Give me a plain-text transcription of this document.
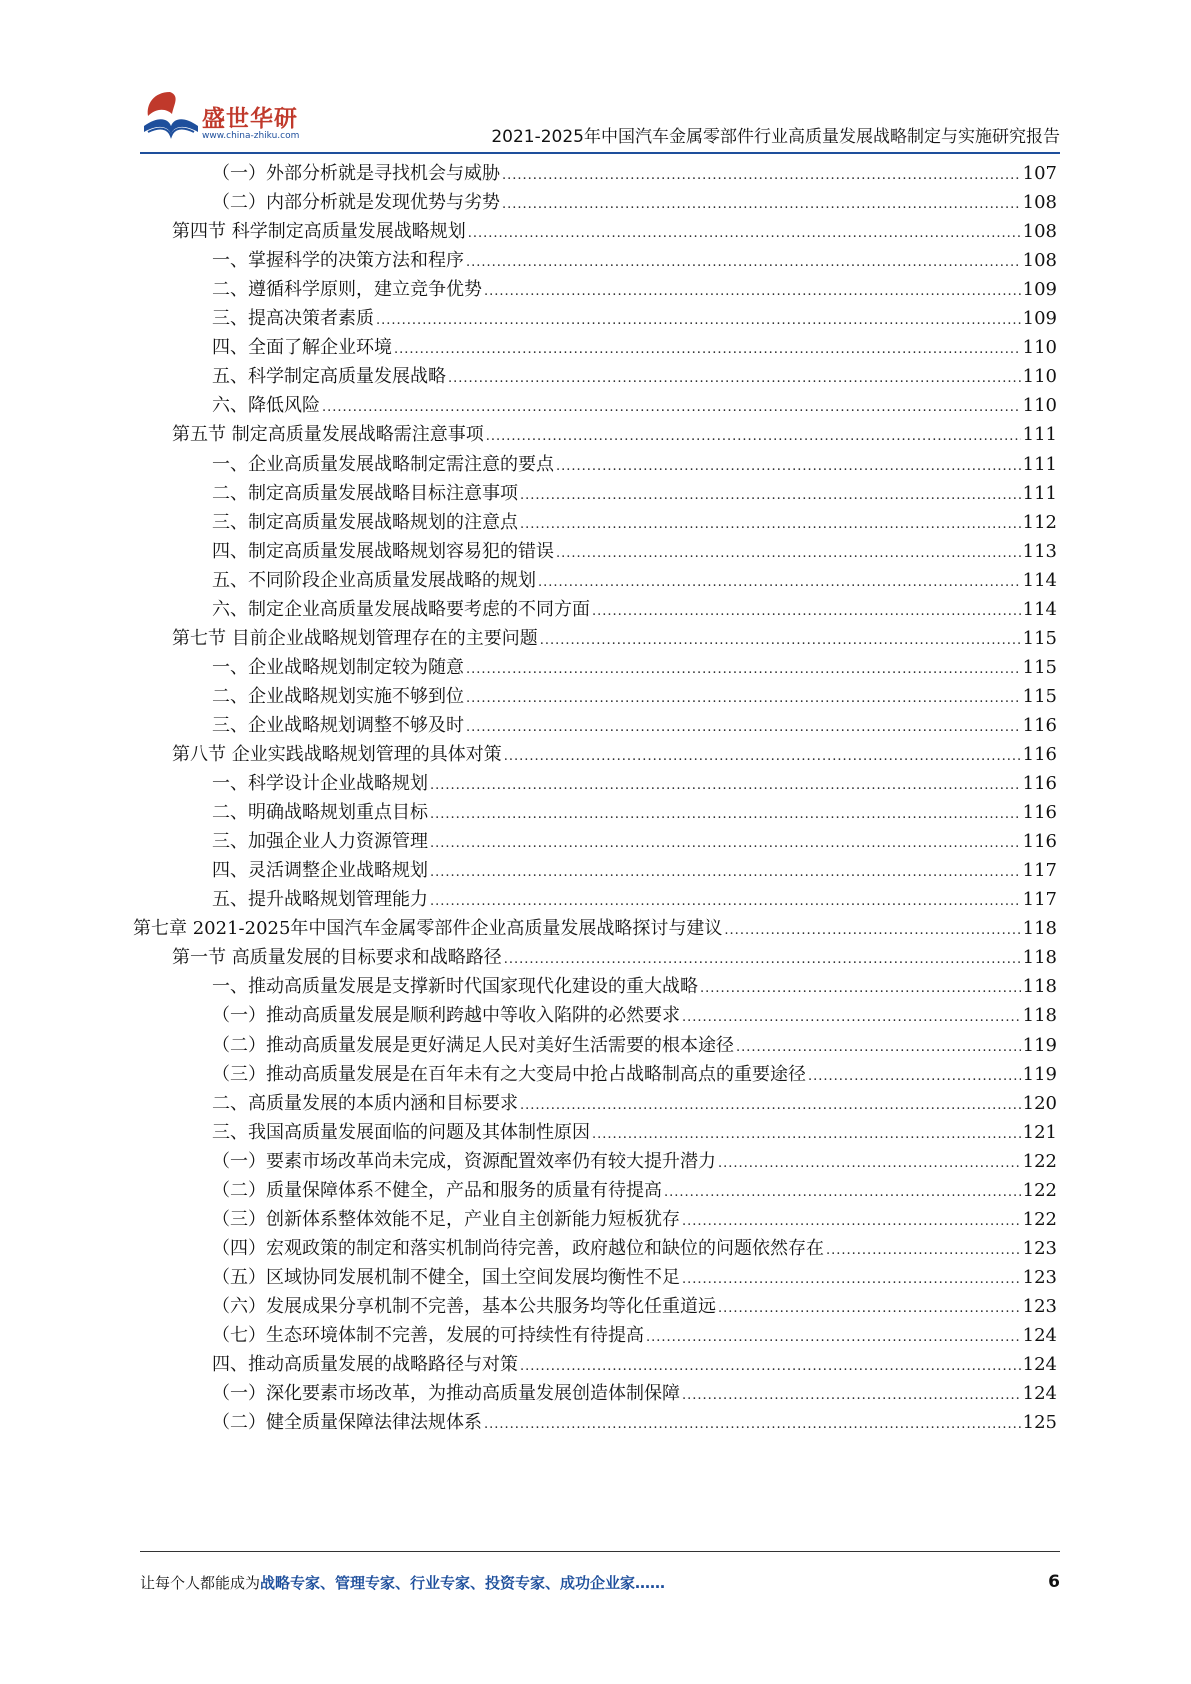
盛世华研
www.china-zhiku.com	2021-2025年中国汽车金属零部件行业高质量发展战略制定与实施研究报告
（一）外部分析就是寻找机会与威胁 .....	107
（二）内部分析就是发现优势与劣势 .....	108
第四节 科学制定高质量发展战略规划 .....	108
一、掌握科学的决策方法和程序 .....	108
二、遵循科学原则，建立竞争优势 .....	109
三、提高决策者素质 .....	109
四、全面了解企业环境 .....	110
五、科学制定高质量发展战略 .....	110
六、降低风险 .....	110
第五节 制定高质量发展战略需注意事项 .....	111
一、企业高质量发展战略制定需注意的要点 .....	111
二、制定高质量发展战略目标注意事项 .....	111
三、制定高质量发展战略规划的注意点 .....	112
四、制定高质量发展战略规划容易犯的错误 .....	113
五、不同阶段企业高质量发展战略的规划 .....	114
六、制定企业高质量发展战略要考虑的不同方面 .....	114
第七节 目前企业战略规划管理存在的主要问题 .....	115
一、企业战略规划制定较为随意 .....	115
二、企业战略规划实施不够到位 .....	115
三、企业战略规划调整不够及时 .....	116
第八节 企业实践战略规划管理的具体对策 .....	116
一、科学设计企业战略规划 .....	116
二、明确战略规划重点目标 .....	116
三、加强企业人力资源管理 .....	116
四、灵活调整企业战略规划 .....	117
五、提升战略规划管理能力 .....	117
第七章 2021-2025年中国汽车金属零部件企业高质量发展战略探讨与建议 .....	118
第一节 高质量发展的目标要求和战略路径 .....	118
一、推动高质量发展是支撑新时代国家现代化建设的重大战略 .....	118
（一）推动高质量发展是顺利跨越中等收入陷阱的必然要求 .....	118
（二）推动高质量发展是更好满足人民对美好生活需要的根本途径 .....	119
（三）推动高质量发展是在百年未有之大变局中抢占战略制高点的重要途径 .....	119
二、高质量发展的本质内涵和目标要求 .....	120
三、我国高质量发展面临的问题及其体制性原因 .....	121
（一）要素市场改革尚未完成，资源配置效率仍有较大提升潜力 .....	122
（二）质量保障体系不健全，产品和服务的质量有待提高 .....	122
（三）创新体系整体效能不足，产业自主创新能力短板犹存 .....	122
（四）宏观政策的制定和落实机制尚待完善，政府越位和缺位的问题依然存在 .....	123
（五）区域协同发展机制不健全，国土空间发展均衡性不足 .....	123
（六）发展成果分享机制不完善，基本公共服务均等化任重道远 .....	123
（七）生态环境体制不完善，发展的可持续性有待提高 .....	124
四、推动高质量发展的战略路径与对策 .....	124
（一）深化要素市场改革，为推动高质量发展创造体制保障 .....	124
（二）健全质量保障法律法规体系 .....	125
让每个人都能成为战略专家、管理专家、行业专家、投资专家、成功企业家……	6
